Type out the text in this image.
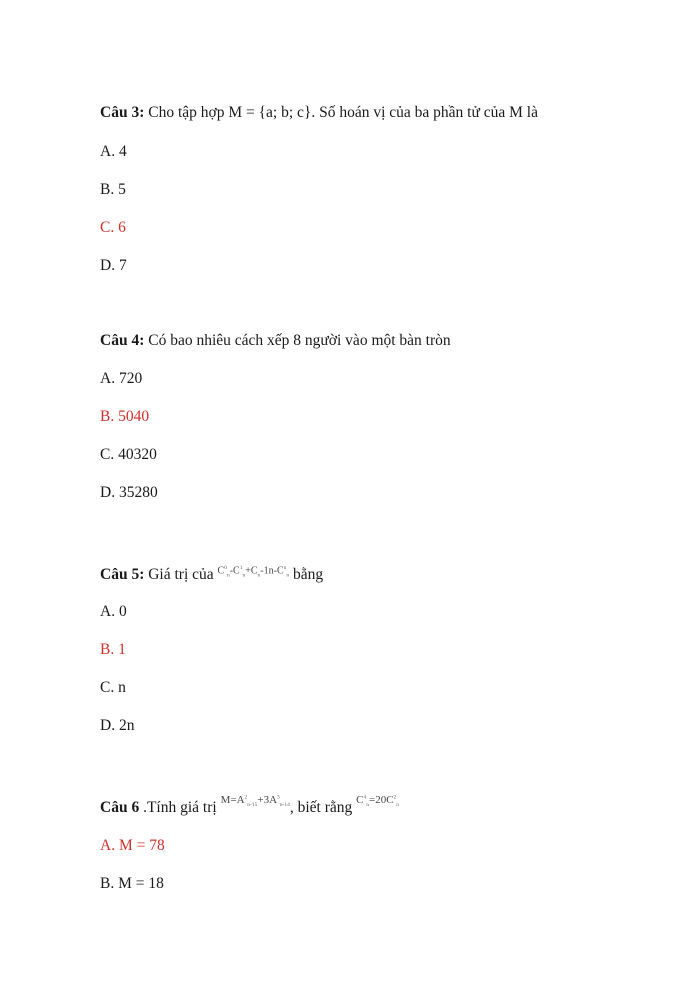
Câu 3: Cho tập hợp M = {a; b; c}. Số hoán vị của ba phần tử của M là
A. 4
B. 5
C. 6
D. 7
Câu 4: Có bao nhiêu cách xếp 8 người vào một bàn tròn
A. 720
B. 5040
C. 40320
D. 35280
Câu 5: Giá trị của $C^0_n-C^1_n+C_n-1n-C^n_n$ bằng
A. 0
B. 1
C. n
D. 2n
Câu 6 .Tính giá trị $M=A^2_{n-15}+3A^3_{n-14}$, biết rằng $C^4_n=20C^2_n$
A. M = 78
B. M = 18
